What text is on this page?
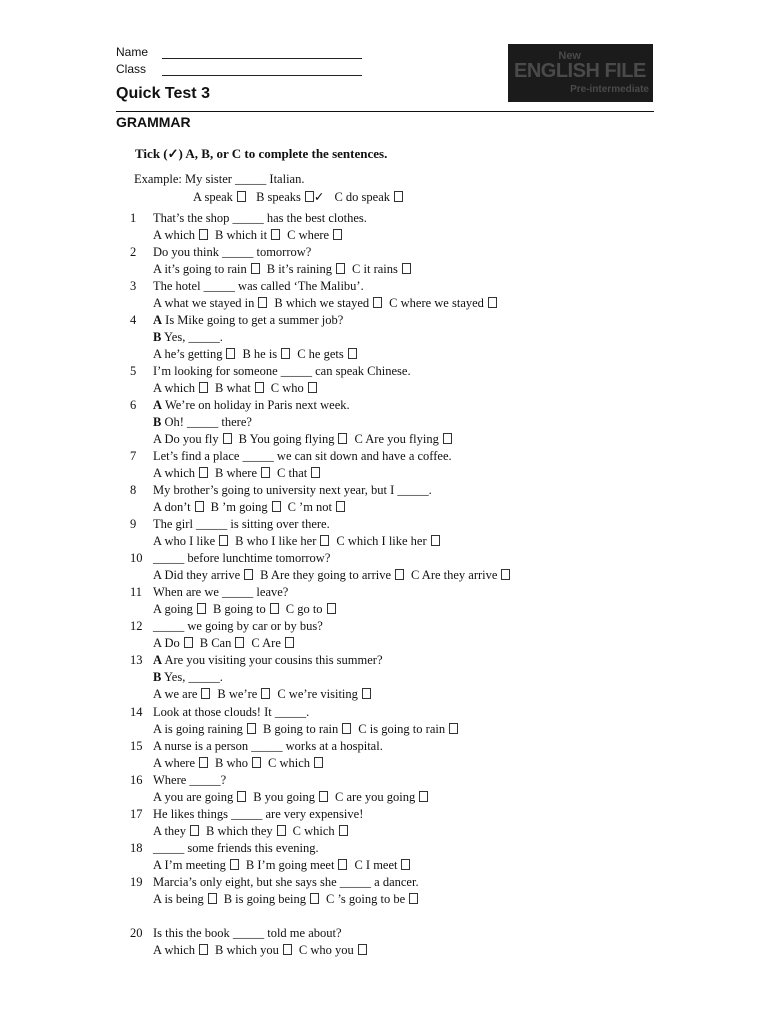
Name
Class
New
ENGLISH FILE
Pre-intermediate
Quick Test 3
GRAMMAR
Tick (✓) A, B, or C to complete the sentences.
Example: My sister _____ Italian.
A speak B speaks ✓ C do speak
1 That’s the shop _____ has the best clothes.
A which B which it C where
2 Do you think _____ tomorrow?
A it’s going to rain B it’s raining C it rains
3 The hotel _____ was called ‘The Malibu’.
A what we stayed in B which we stayed C where we stayed
4 A Is Mike going to get a summer job?
B Yes, _____.
A he’s getting B he is C he gets
5 I’m looking for someone _____ can speak Chinese.
A which B what C who
6 A We’re on holiday in Paris next week.
B Oh! _____ there?
A Do you fly B You going flying C Are you flying
7 Let’s find a place _____ we can sit down and have a coffee.
A which B where C that
8 My brother’s going to university next year, but I _____.
A don’t B ’m going C ’m not
9 The girl _____ is sitting over there.
A who I like B who I like her C which I like her
10 _____ before lunchtime tomorrow?
A Did they arrive B Are they going to arrive C Are they arrive
11 When are we _____ leave?
A going B going to C go to
12 _____ we going by car or by bus?
A Do B Can C Are
13 A Are you visiting your cousins this summer?
B Yes, _____.
A we are B we’re C we’re visiting
14 Look at those clouds! It _____.
A is going raining B going to rain C is going to rain
15 A nurse is a person _____ works at a hospital.
A where B who C which
16 Where _____?
A you are going B you going C are you going
17 He likes things _____ are very expensive!
A they B which they C which
18 _____ some friends this evening.
A I’m meeting B I’m going meet C I meet
19 Marcia’s only eight, but she says she _____ a dancer.
A is being B is going being C ’s going to be
20 Is this the book _____ told me about?
A which B which you C who you
